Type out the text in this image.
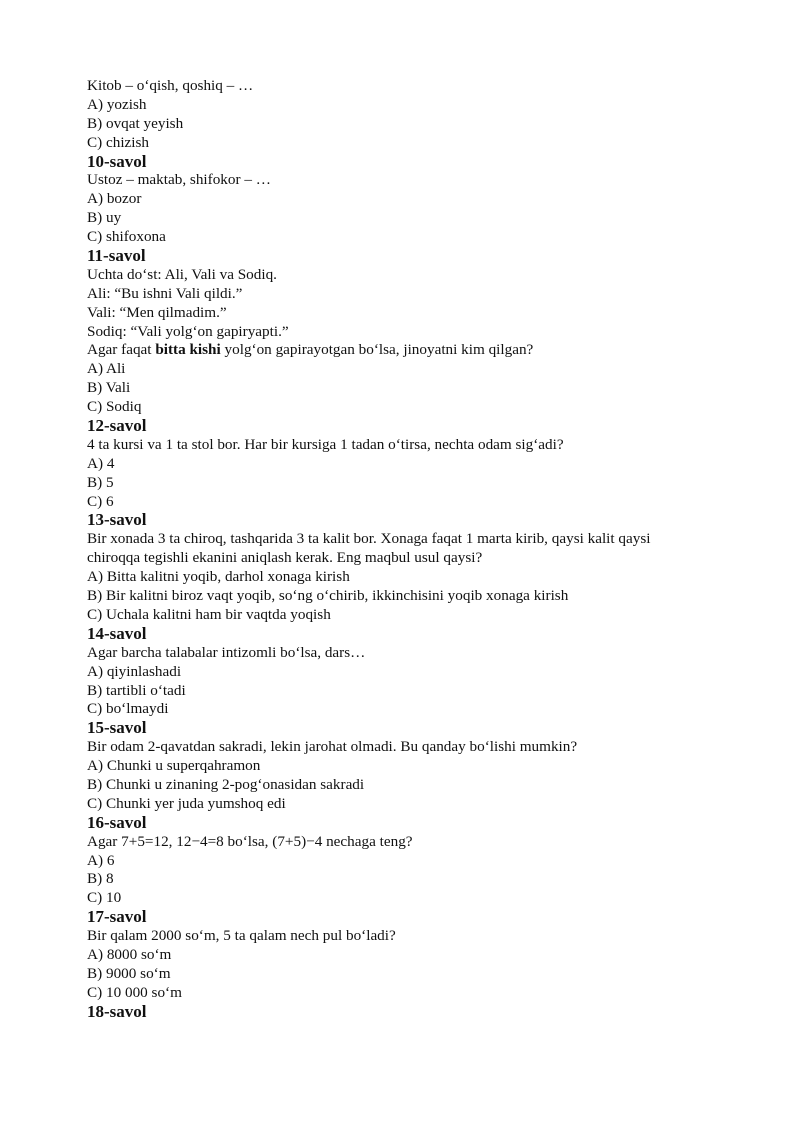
Kitob – o‘qish, qoshiq – …
A) yozish
B) ovqat yeyish
C) chizish
10-savol
Ustoz – maktab, shifokor – …
A) bozor
B) uy
C) shifoxona
11-savol
Uchta do‘st: Ali, Vali va Sodiq.
Ali: “Bu ishni Vali qildi.”
Vali: “Men qilmadim.”
Sodiq: “Vali yolg‘on gapiryapti.”
Agar faqat bitta kishi yolg‘on gapirayotgan bo‘lsa, jinoyatni kim qilgan?
A) Ali
B) Vali
C) Sodiq
12-savol
4 ta kursi va 1 ta stol bor. Har bir kursiga 1 tadan o‘tirsa, nechta odam sig‘adi?
A) 4
B) 5
C) 6
13-savol
Bir xonada 3 ta chiroq, tashqarida 3 ta kalit bor. Xonaga faqat 1 marta kirib, qaysi kalit qaysi
chiroqqa tegishli ekanini aniqlash kerak. Eng maqbul usul qaysi?
A) Bitta kalitni yoqib, darhol xonaga kirish
B) Bir kalitni biroz vaqt yoqib, so‘ng o‘chirib, ikkinchisini yoqib xonaga kirish
C) Uchala kalitni ham bir vaqtda yoqish
14-savol
Agar barcha talabalar intizomli bo‘lsa, dars…
A) qiyinlashadi
B) tartibli o‘tadi
C) bo‘lmaydi
15-savol
Bir odam 2-qavatdan sakradi, lekin jarohat olmadi. Bu qanday bo‘lishi mumkin?
A) Chunki u superqahramon
B) Chunki u zinaning 2-pog‘onasidan sakradi
C) Chunki yer juda yumshoq edi
16-savol
Agar 7+5=12, 12−4=8 bo‘lsa, (7+5)−4 nechaga teng?
A) 6
B) 8
C) 10
17-savol
Bir qalam 2000 so‘m, 5 ta qalam nech pul bo‘ladi?
A) 8000 so‘m
B) 9000 so‘m
C) 10 000 so‘m
18-savol
